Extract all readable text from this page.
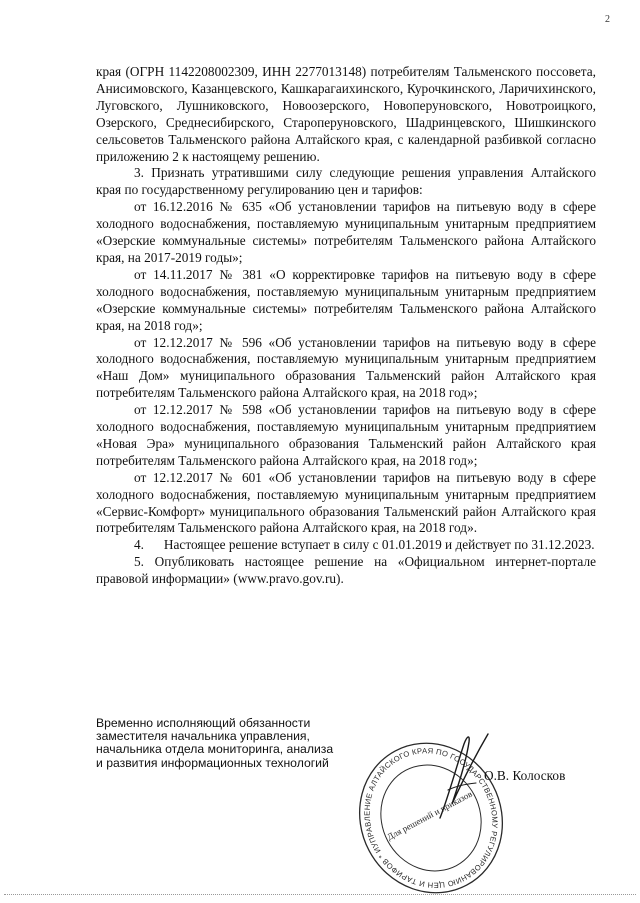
2

края (ОГРН 1142208002309, ИНН 2277013148) потребителям Тальменского поссовета, Анисимовского, Казанцевского, Кашкарагаихинского, Курочкинского, Ларичихинского, Луговского, Лушниковского, Новоозерского, Новоперуновского, Новотроицкого, Озерского, Среднесибирского, Староперуновского, Шадринцевского, Шишкинского сельсоветов Тальменского района Алтайского края, с календарной разбивкой согласно приложению 2 к настоящему решению.

3. Признать утратившими силу следующие решения управления Алтайского края по государственному регулированию цен и тарифов:

от 16.12.2016 № 635 «Об установлении тарифов на питьевую воду в сфере холодного водоснабжения, поставляемую муниципальным унитарным предприятием «Озерские коммунальные системы» потребителям Тальменского района Алтайского края, на 2017-2019 годы»;

от 14.11.2017 № 381 «О корректировке тарифов на питьевую воду в сфере холодного водоснабжения, поставляемую муниципальным унитарным предприятием «Озерские коммунальные системы» потребителям Тальменского района Алтайского края, на 2018 год»;

от 12.12.2017 № 596 «Об установлении тарифов на питьевую воду в сфере холодного водоснабжения, поставляемую муниципальным унитарным предприятием «Наш Дом» муниципального образования Тальменский район Алтайского края потребителям Тальменского района Алтайского края, на 2018 год»;

от 12.12.2017 № 598 «Об установлении тарифов на питьевую воду в сфере холодного водоснабжения, поставляемую муниципальным унитарным предприятием «Новая Эра» муниципального образования Тальменский район Алтайского края потребителям Тальменского района Алтайского края, на 2018 год»;

от 12.12.2017 № 601 «Об установлении тарифов на питьевую воду в сфере холодного водоснабжения, поставляемую муниципальным унитарным предприятием «Сервис-Комфорт» муниципального образования Тальменский район Алтайского края потребителям Тальменского района Алтайского края, на 2018 год».

4.      Настоящее решение вступает в силу с 01.01.2019 и действует по 31.12.2023.

5. Опубликовать настоящее решение на «Официальном интернет-портале правовой информации» (www.pravo.gov.ru).

Временно исполняющий обязанности
заместителя начальника управления,
начальника отдела мониторинга, анализа
и развития информационных технологий
УПРАВЛЕНИЕ АЛТАЙСКОГО КРАЯ ПО ГОСУДАРСТВЕННОМУ РЕГУЛИРОВАНИЮ ЦЕН И ТАРИФОВ * ИНН
Для решений и приказов
О.В. Колосков
